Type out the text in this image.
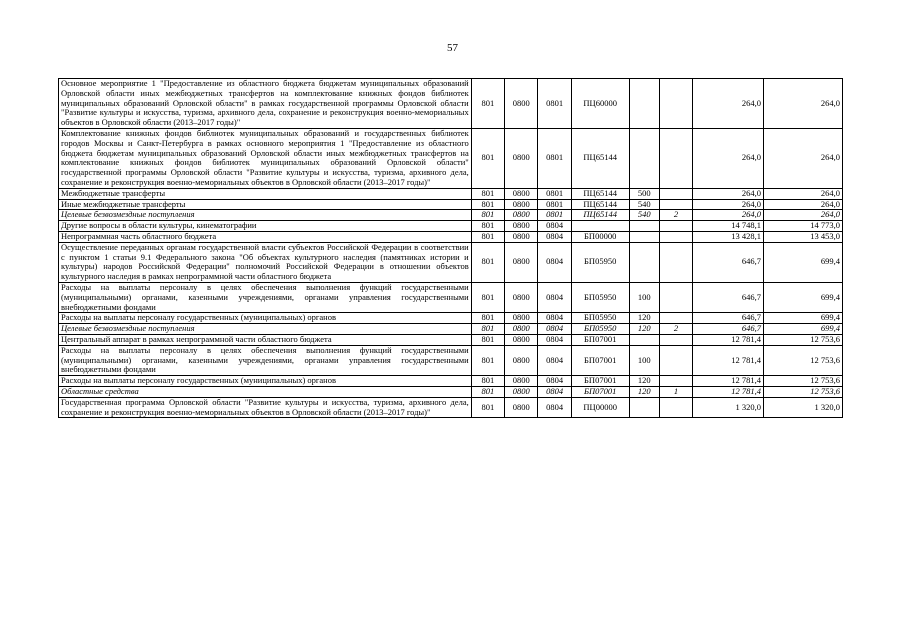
57
Основное мероприятие 1 "Предоставление из областного бюджета бюджетам муниципальных образований Орловской области иных межбюджетных трансфертов на комплектование книжных фондов библиотек муниципальных образований Орловской области" в рамках государственной программы Орловской области "Развитие культуры и искусства, туризма, архивного дела, сохранение и реконструкция военно-мемориальных объектов в Орловской области (2013–2017 годы)"	801	0800	0801	ПЦ60000			264,0	264,0
Комплектование книжных фондов библиотек муниципальных образований и государственных библиотек городов Москвы и Санкт-Петербурга в рамках основного мероприятия 1 "Предоставление из областного бюджета бюджетам муниципальных образований Орловской области иных межбюджетных трансфертов на комплектование книжных фондов библиотек муниципальных образований Орловской области" государственной программы Орловской области "Развитие культуры и искусства, туризма, архивного дела, сохранение и реконструкция военно-мемориальных объектов в Орловской области (2013–2017 годы)"	801	0800	0801	ПЦ65144			264,0	264,0
Межбюджетные трансферты	801	0800	0801	ПЦ65144	500		264,0	264,0
Иные межбюджетные трансферты	801	0800	0801	ПЦ65144	540		264,0	264,0
Целевые безвозмездные поступления	801	0800	0801	ПЦ65144	540	2	264,0	264,0
Другие вопросы в области культуры, кинематографии	801	0800	0804				14 748,1	14 773,0
Непрограммная часть областного бюджета	801	0800	0804	БП00000			13 428,1	13 453,0
Осуществление переданных органам государственной власти субъектов Российской Федерации в соответствии с пунктом 1 статьи 9.1 Федерального закона "Об объектах культурного наследия (памятниках истории и культуры) народов Российской Федерации" полномочий Российской Федерации в отношении объектов культурного наследия в рамках непрограммной части областного бюджета	801	0800	0804	БП05950			646,7	699,4
Расходы на выплаты персоналу в целях обеспечения выполнения функций государственными (муниципальными) органами, казенными учреждениями, органами управления государственными внебюджетными фондами	801	0800	0804	БП05950	100		646,7	699,4
Расходы на выплаты персоналу государственных (муниципальных) органов	801	0800	0804	БП05950	120		646,7	699,4
Целевые безвозмездные поступления	801	0800	0804	БП05950	120	2	646,7	699,4
Центральный аппарат в рамках непрограммной части областного бюджета	801	0800	0804	БП07001			12 781,4	12 753,6
Расходы на выплаты персоналу в целях обеспечения выполнения функций государственными (муниципальными) органами, казенными учреждениями, органами управления государственными внебюджетными фондами	801	0800	0804	БП07001	100		12 781,4	12 753,6
Расходы на выплаты персоналу государственных (муниципальных) органов	801	0800	0804	БП07001	120		12 781,4	12 753,6
Областные средства	801	0800	0804	БП07001	120	1	12 781,4	12 753,6
Государственная программа Орловской области "Развитие культуры и искусства, туризма, архивного дела, сохранение и реконструкция военно-мемориальных объектов в Орловской области (2013–2017 годы)"	801	0800	0804	ПЦ00000			1 320,0	1 320,0
